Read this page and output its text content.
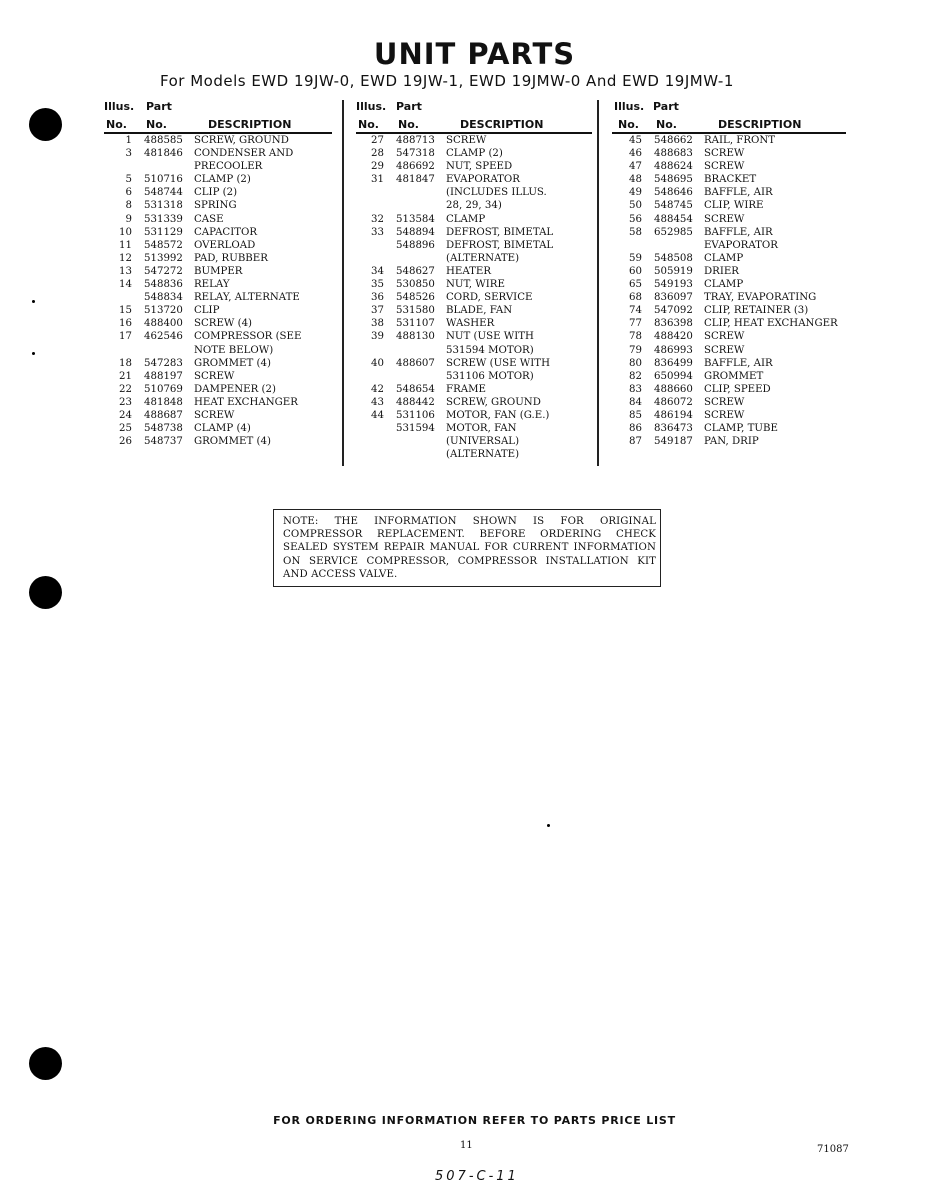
UNIT PARTS
For Models EWD 19JW-0, EWD 19JW-1, EWD 19JMW-0 And EWD 19JMW-1
Illus. Part
No. No.	DESCRIPTION
1 488585 SCREW, GROUND
3 481846 CONDENSER AND
PRECOOLER
5 510716 CLAMP (2)
6 548744 CLIP (2)
8 531318 SPRING
9 531339 CASE
10 531129 CAPACITOR
11 548572 OVERLOAD
12 513992 PAD, RUBBER
13 547272 BUMPER
14 548836 RELAY
548834 RELAY, ALTERNATE
15 513720 CLIP
16 488400 SCREW (4)
17 462546 COMPRESSOR (SEE
NOTE BELOW)
18 547283 GROMMET (4)
21 488197 SCREW
22 510769 DAMPENER (2)
23 481848 HEAT EXCHANGER
24 488687 SCREW
25 548738 CLAMP (4)
26 548737 GROMMET (4)
Illus. Part
No. No.	DESCRIPTION
27 488713 SCREW
28 547318 CLAMP (2)
29 486692 NUT, SPEED
31 481847 EVAPORATOR
(INCLUDES ILLUS.
28, 29, 34)
32 513584 CLAMP
33 548894 DEFROST, BIMETAL
548896 DEFROST, BIMETAL
(ALTERNATE)
34 548627 HEATER
35 530850 NUT, WIRE
36 548526 CORD, SERVICE
37 531580 BLADE, FAN
38 531107 WASHER
39 488130 NUT (USE WITH
531594 MOTOR)
40 488607 SCREW (USE WITH
531106 MOTOR)
42 548654 FRAME
43 488442 SCREW, GROUND
44 531106 MOTOR, FAN (G.E.)
531594 MOTOR, FAN
(UNIVERSAL)
(ALTERNATE)
Illus. Part
No. No.	DESCRIPTION
45 548662 RAIL, FRONT
46 488683 SCREW
47 488624 SCREW
48 548695 BRACKET
49 548646 BAFFLE, AIR
50 548745 CLIP, WIRE
56 488454 SCREW
58 652985 BAFFLE, AIR
EVAPORATOR
59 548508 CLAMP
60 505919 DRIER
65 549193 CLAMP
68 836097 TRAY, EVAPORATING
74 547092 CLIP, RETAINER (3)
77 836398 CLIP, HEAT EXCHANGER
78 488420 SCREW
79 486993 SCREW
80 836499 BAFFLE, AIR
82 650994 GROMMET
83 488660 CLIP, SPEED
84 486072 SCREW
85 486194 SCREW
86 836473 CLAMP, TUBE
87 549187 PAN, DRIP
NOTE: THE INFORMATION SHOWN IS FOR ORIGINAL COMPRESSOR REPLACEMENT. BEFORE ORDERING CHECK SEALED SYSTEM REPAIR MANUAL FOR CURRENT INFORMATION ON SERVICE COMPRESSOR, COMPRESSOR INSTALLATION KIT AND ACCESS VALVE.
FOR ORDERING INFORMATION REFER TO PARTS PRICE LIST
11	71087
507-C-11
